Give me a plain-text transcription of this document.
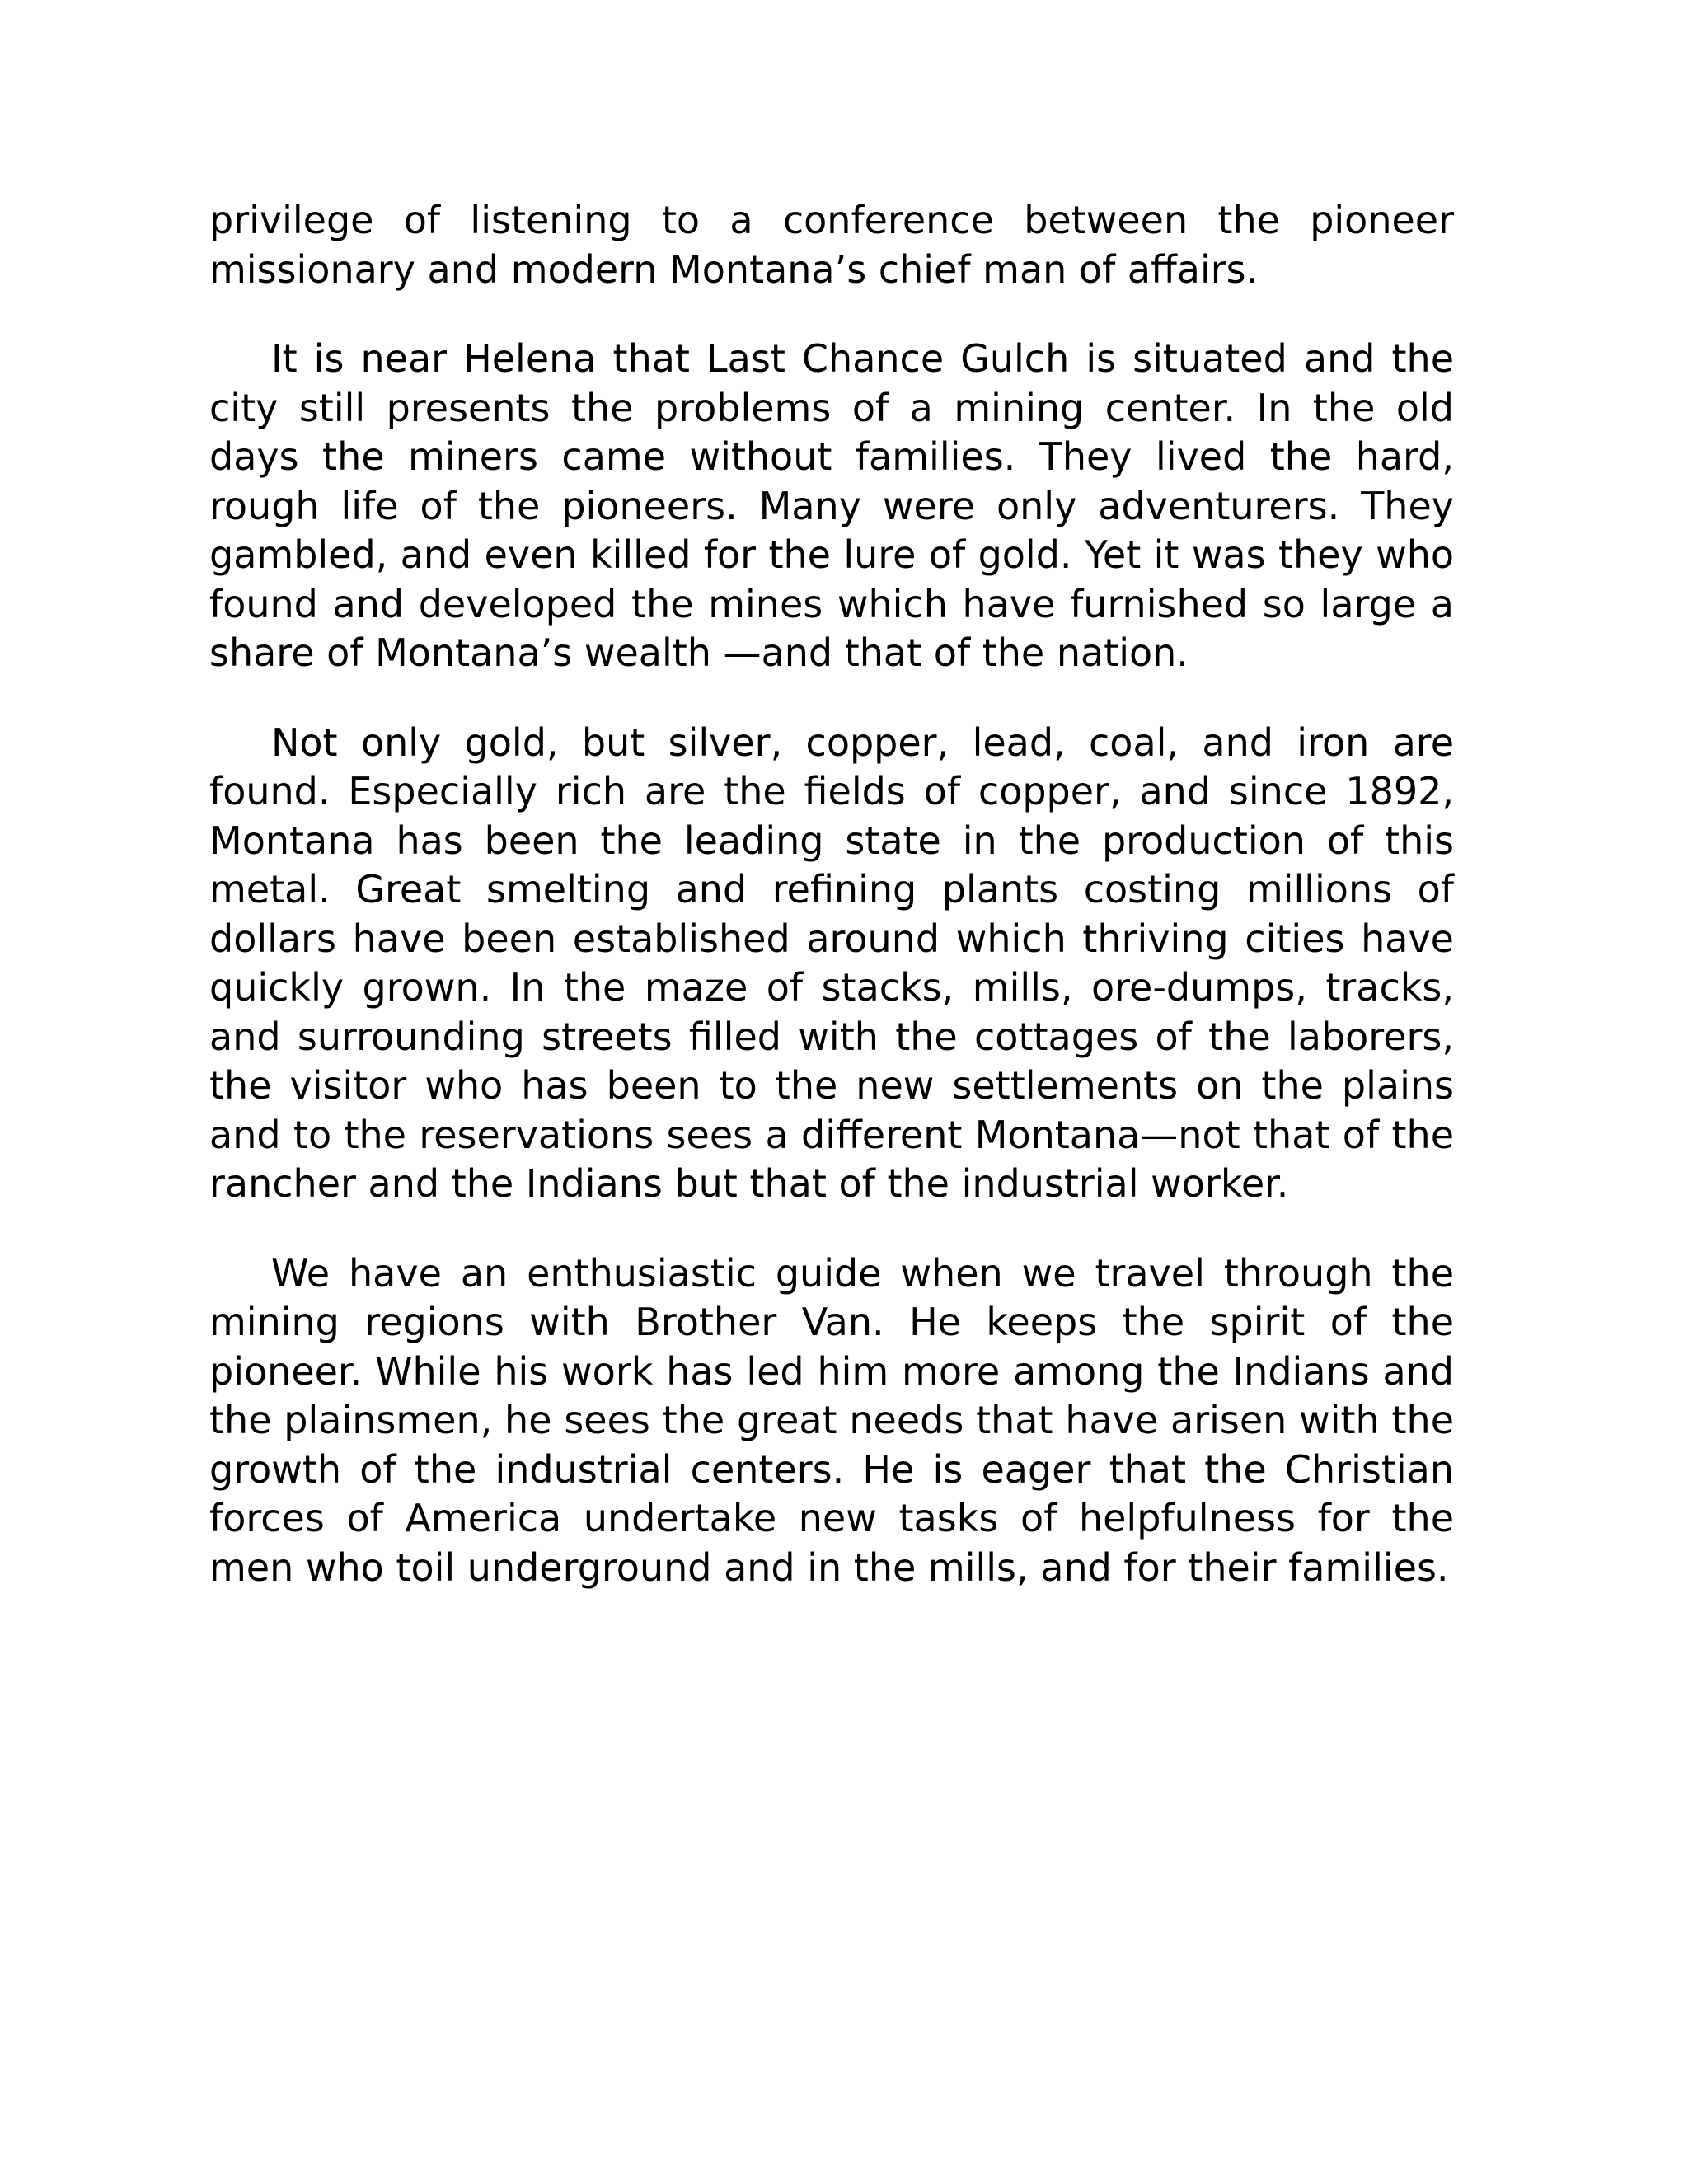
privilege of listening to a conference between the pioneer missionary and modern Montana’s chief man of affairs.

It is near Helena that Last Chance Gulch is situated and the city still presents the problems of a mining center. In the old days the miners came without families. They lived the hard, rough life of the pioneers. Many were only adventurers. They gambled, and even killed for the lure of gold. Yet it was they who found and developed the mines which have furnished so large a share of Montana’s wealth —and that of the nation.

Not only gold, but silver, copper, lead, coal, and iron are found. Especially rich are the fields of copper, and since 1892, Montana has been the leading state in the production of this metal. Great smelting and refining plants costing millions of dollars have been established around which thriving cities have quickly grown. In the maze of stacks, mills, ore-dumps, tracks, and surrounding streets filled with the cottages of the laborers, the visitor who has been to the new settlements on the plains and to the reservations sees a different Montana—not that of the rancher and the Indians but that of the industrial worker.

We have an enthusiastic guide when we travel through the mining regions with Brother Van. He keeps the spirit of the pioneer. While his work has led him more among the Indians and the plainsmen, he sees the great needs that have arisen with the growth of the industrial centers. He is eager that the Christian forces of America undertake new tasks of helpfulness for the men who toil underground and in the mills, and for their families.
